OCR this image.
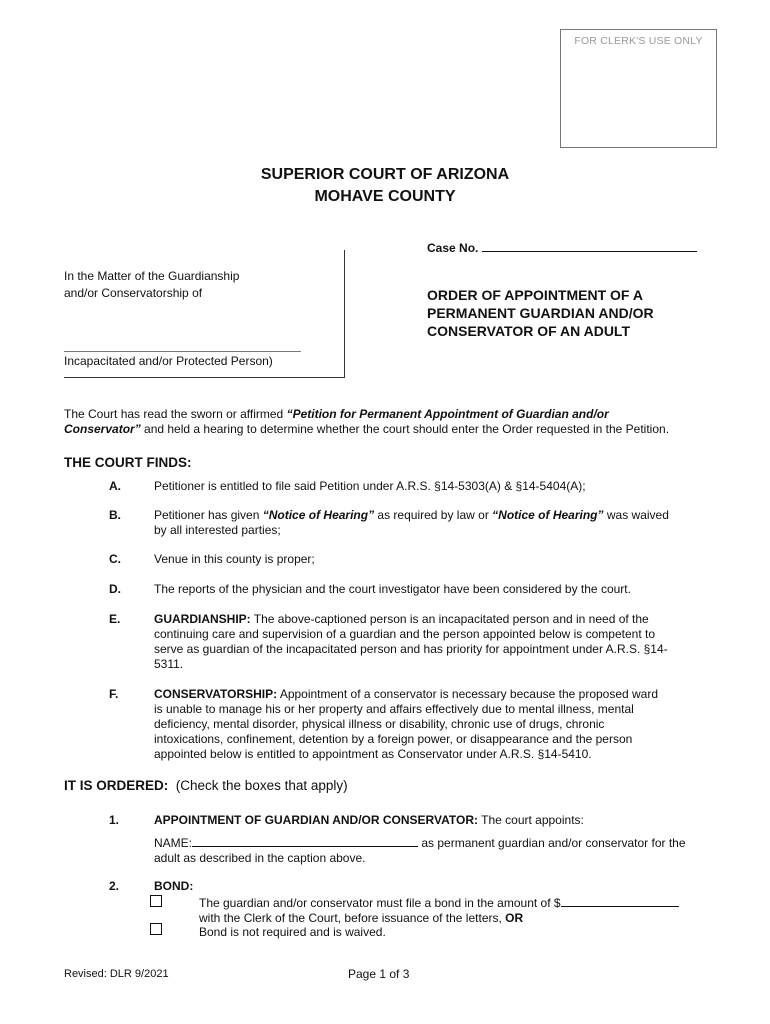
FOR CLERK'S USE ONLY
SUPERIOR COURT OF ARIZONA
MOHAVE COUNTY
Case No.
In the Matter of the Guardianship
and/or Conservatorship of
Incapacitated and/or Protected Person)
ORDER OF APPOINTMENT OF A
PERMANENT GUARDIAN AND/OR
CONSERVATOR OF AN ADULT
The Court has read the sworn or affirmed “Petition for Permanent Appointment of Guardian and/or
Conservator” and held a hearing to determine whether the court should enter the Order requested in the Petition.
THE COURT FINDS:
A.	Petitioner is entitled to file said Petition under A.R.S. §14-5303(A) & §14-5404(A);
B.	Petitioner has given “Notice of Hearing” as required by law or “Notice of Hearing” was waived
by all interested parties;
C.	Venue in this county is proper;
D.	The reports of the physician and the court investigator have been considered by the court.
E.	GUARDIANSHIP: The above-captioned person is an incapacitated person and in need of the
continuing care and supervision of a guardian and the person appointed below is competent to
serve as guardian of the incapacitated person and has priority for appointment under A.R.S. §14-
5311.
F.	CONSERVATORSHIP: Appointment of a conservator is necessary because the proposed ward
is unable to manage his or her property and affairs effectively due to mental illness, mental
deficiency, mental disorder, physical illness or disability, chronic use of drugs, chronic
intoxications, confinement, detention by a foreign power, or disappearance and the person
appointed below is entitled to appointment as Conservator under A.R.S. §14-5410.
IT IS ORDERED: (Check the boxes that apply)
1.	APPOINTMENT OF GUARDIAN AND/OR CONSERVATOR: The court appoints:
NAME:	as permanent guardian and/or conservator for the
adult as described in the caption above.
2.	BOND:
The guardian and/or conservator must file a bond in the amount of $
with the Clerk of the Court, before issuance of the letters, OR
Bond is not required and is waived.
Revised: DLR 9/2021	Page 1 of 3
